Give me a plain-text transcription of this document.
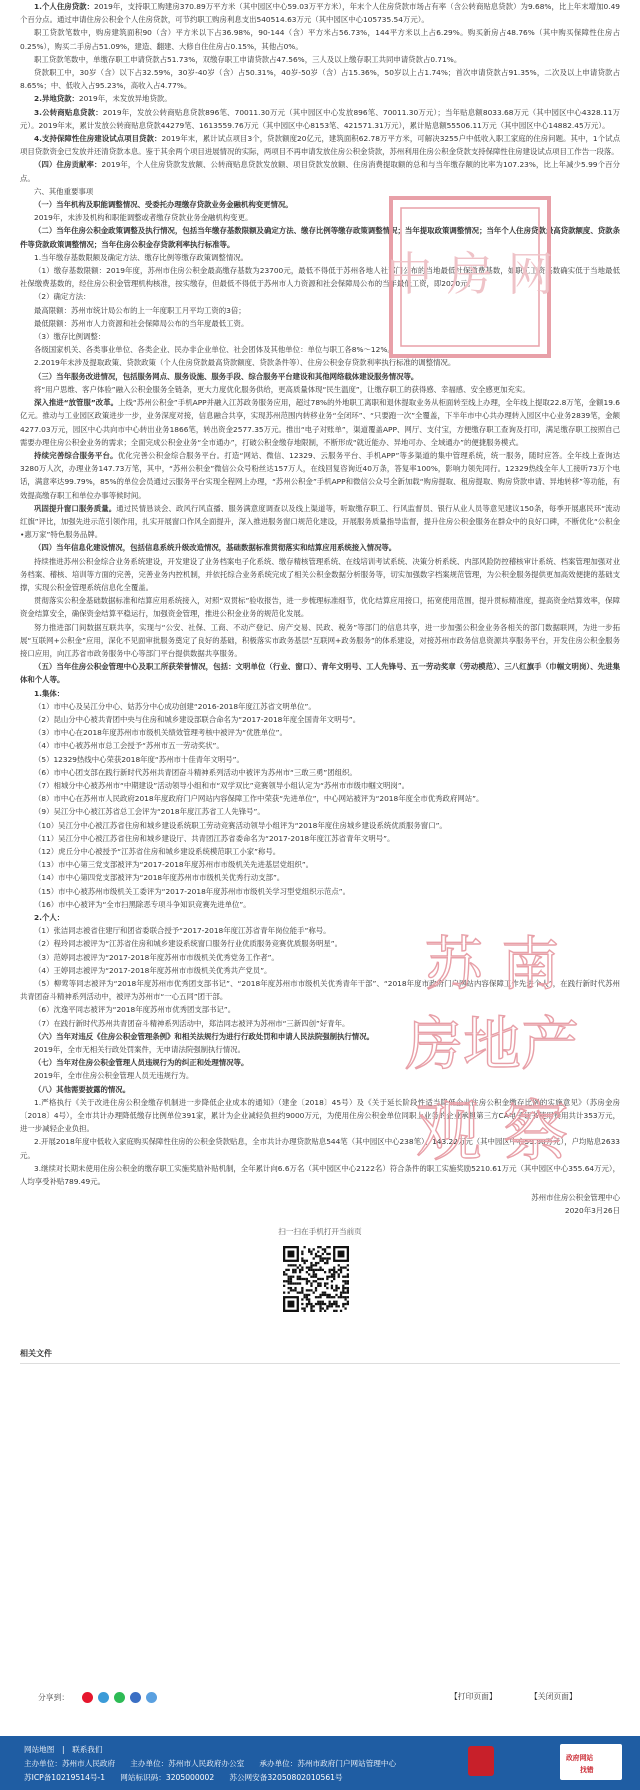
1.个人住房贷款：2019年，支持职工购建房370.89万平方米（其中园区中心59.03万平方米），年末个人住房贷款市场占有率（含公转商贴息贷款）为9.68%，比上年末增加0.49个百分点。通过申请住房公积金个人住房贷款，可节约职工购房利息支出540514.63万元（其中园区中心105735.54万元）。

职工贷款笔数中，购房建筑面积90（含）平方米以下占36.98%，90-144（含）平方米占56.73%，144平方米以上占6.29%。购买新房占48.76%（其中购买保障性住房占0.25%），购买二手房占51.09%，建造、翻建、大修自住住房占0.15%，其他占0%。

职工贷款笔数中，单缴存职工申请贷款占51.73%，双缴存职工申请贷款占47.56%，三人及以上缴存职工共同申请贷款占0.71%。

贷款职工中，30岁（含）以下占32.59%，30岁-40岁（含）占50.31%，40岁-50岁（含）占15.36%，50岁以上占1.74%；首次申请贷款占91.35%，二次及以上申请贷款占8.65%；中、低收入占95.23%，高收入占4.77%。

2.异地贷款：2019年，未发放异地贷款。

3.公转商贴息贷款：2019年，发放公转商贴息贷款896笔、70011.30万元（其中园区中心发放896笔、70011.30万元）；当年贴息额8033.68万元（其中园区中心4328.11万元）。2019年末，累计发放公转商贴息贷款44279笔、1613559.76万元（其中园区中心8153笔、421571.31万元），累计贴息额55506.11万元（其中园区中心14882.45万元）。

4.支持保障性住房建设试点项目贷款：2019年末，累计试点项目3个，贷款额度20亿元，建筑面积62.78万平方米，可解决3255户中低收入职工家庭的住房问题。其中，1个试点项目贷款资金已发放并还清贷款本息。鉴于其余两个项目进展情况的实际，两项目不再申请发放住房公积金贷款，苏州利用住房公积金贷款支持保障性住房建设试点项目工作告一段落。

（四）住房贡献率：2019年，个人住房贷款发放额、公转商贴息贷款发放额、项目贷款发放额、住房消费提取额的总和与当年缴存额的比率为107.23%，比上年减少5.99个百分点。

六、其他重要事项

（一）当年机构及职能调整情况、受委托办理缴存贷款业务金融机构变更情况。

2019年，未涉及机构和职能调整或者缴存贷款业务金融机构变更。

（二）当年住房公积金政策调整及执行情况，包括当年缴存基数限额及确定方法、缴存比例等缴存政策调整情况；当年提取政策调整情况；当年个人住房贷款最高贷款额度、贷款条件等贷款政策调整情况；当年住房公积金存贷款利率执行标准等。

1.当年缴存基数限额及确定方法、缴存比例等缴存政策调整情况。

（1）缴存基数限额：2019年度，苏州市住房公积金最高缴存基数为23700元，最低不得低于苏州各地人社部门公布的当地最低社保缴费基数，如职工工资基数确实低于当地最低社保缴费基数的，经住房公积金管理机构核准，按实缴存，但最低不得低于苏州市人力资源和社会保障局公布的当年最低工资，即2020元。

（2）确定方法：

最高限额：苏州市统计局公布的上一年度职工月平均工资的3倍；

最低限额：苏州市人力资源和社会保障局公布的当年度最低工资。

（3）缴存比例调整：

各级国家机关、各类事业单位、各类企业、民办非企业单位、社会团体及其他单位：单位与职工各8%～12%。

2.2019年未涉及提取政策、贷款政策（个人住房贷款最高贷款额度、贷款条件等）、住房公积金存贷款利率执行标准的调整情况。

（三）当年服务改进情况，包括服务网点、服务设施、服务手段、综合服务平台建设和其他网络载体建设服务情况等。

将“用户思维、客户体验”融入公积金服务全链条，更大力度优化服务供给，更高质量体现“民生温度”，让缴存职工的获得感、幸福感、安全感更加充实。

深入推进“放管服”改革。上线“苏州公积金”手机APP并融入江苏政务服务应用，超过78%的外地职工离职和退休提取业务从柜面转至线上办理，全年线上提取22.8万笔，金额19.6亿元。推动与工业园区政策进步一步，业务深度对接，信息融合共享，实现苏州范围内转移业务“全闭环”、“只要跑一次”全覆盖，下半年市中心共办理转入园区中心业务2839笔，金额4277.03万元，园区中心共向市中心转出业务1866笔，转出资金2577.35万元。推出“电子对账单”，渠道覆盖APP、网厅、支付宝，方便缴存职工查询及打印，满足缴存职工按照自己需要办理住房公积金业务的需求；全面完成公积金业务“全市通办”，打破公积金缴存地限制，不断形成“就近能办、异地可办、全域通办”的便捷服务模式。

持续完善综合服务平台。优化完善公积金综合服务平台。打造“网站、微信、12329、云服务平台、手机APP”等多渠道的集中管理系统，统一服务，随时应答。全年线上查询达3280万人次，办理业务147.73万笔，其中，“苏州公积金”微信公众号粉丝达157万人，在线回复咨询近40万条，答复率100%，影响力领先同行。12329热线全年人工接听73万个电话，满意率达99.79%，85%的单位会员通过云服务平台实现全程网上办理，“苏州公积金”手机APP和微信公众号全新加载“购房提取、租房提取、购房贷款申请、异地转移”等功能，有效提高缴存职工和单位办事等候时间。

巩固提升窗口服务质量。通过民情恳谈会、政风行风直播、服务满意度调查以及线上渠道等，听取缴存职工、行风监督员、银行从业人员等意见建议150条，每季开展惠民环“流动红旗”评比，加强先进示范引领作用，扎实开展窗口作风全面提升，深入推进服务窗口规范化建设，开展服务质量指导监督，提升住房公积金服务在群众中的良好口碑，不断优化“公积金•惠万家”特色服务品牌。

（四）当年信息化建设情况，包括信息系统升级改造情况，基础数据标准贯彻落实和结算应用系统接入情况等。

持续推进苏州公积金综合业务系统建设，开发建设了业务档案电子化系统、缴存精核管理系统、在线培训考试系统、决策分析系统、内部风险防控稽核审计系统、档案管理加强对业务档案、稽核、培训等方面的完善，完善业务内控机制，并依托综合业务系统完成了相关公积金数据分析服务等，切实加强数字档案规范管理，为公积金服务提供更加高效便捷的基础支撑，实现公积金管理系统信息化全覆盖。

贯彻落实公积金基础数据标准和结算应用系统接入，对照“双贯标”验收报告，进一步梳理标准细节，优化结算应用接口，拓宽使用范围，提升贯标精准度，提高资金结算效率，保障资金结算安全，确保资金结算平稳运行，加强资金管理，推进公积金业务的规范化发展。

努力推进部门间数据互联共享，实现与“公安、社保、工商、不动产登记、房产交易、民政、税务”等部门的信息共享，进一步加强公积金业务各相关的部门数据联网，为进一步拓展“互联网+公积金”应用，深化不见面审批服务奠定了良好的基础，积极落实市政务基层“互联网+政务服务”的体系建设，对接苏州市政务信息资源共享服务平台，开发住房公积金服务接口应用，向江苏省市政务服务中心等部门平台提供数据共享服务。

（五）当年住房公积金管理中心及职工所获荣誉情况，包括：文明单位（行业、窗口）、青年文明号、工人先锋号、五一劳动奖章（劳动模范）、三八红旗手（巾帼文明岗）、先进集体和个人等。

1.集体：

（1）市中心及吴江分中心、姑苏分中心成功创建“2016-2018年度江苏省文明单位”。

（2）昆山分中心被共青团中央与住房和城乡建设部联合命名为“2017-2018年度全国青年文明号”。

（3）市中心在2018年度苏州市市级机关绩效管理考核中被评为“优胜单位”。

（4）市中心被苏州市总工会授予“苏州市五一劳动奖状”。

（5）12329热线中心荣获2018年度“苏州市十佳青年文明号”。

（6）市中心团支部在践行新时代苏州共青团奋斗精神系列活动中被评为苏州市“三敢三勇”团组织。

（7）相城分中心被苏州市“中期建设”活动领导小组和市“双学双比”竞赛领导小组认定为“苏州市市级巾帼文明岗”。

（8）市中心在苏州市人民政府2018年度政府门户网站内容保障工作中荣获“先进单位”，中心网站被评为“2018年度全市优秀政府网站”。

（9）吴江分中心被江苏省总工会评为“2018年度江苏省工人先锋号”。

（10）吴江分中心被江苏省住房和城乡建设系统职工劳动竞赛活动领导小组评为“2018年度住房城乡建设系统优质服务窗口”。

（11）吴江分中心被江苏省住房和城乡建设厅、共青团江苏省委命名为“2017-2018年度江苏省青年文明号”。

（12）虎丘分中心被授予“江苏省住房和城乡建设系统模范职工小家”称号。

（13）市中心第三党支部被评为“2017-2018年度苏州市市级机关先进基层党组织”。

（14）市中心第四党支部被评为“2018年度苏州市市级机关优秀行动支部”。

（15）市中心被苏州市级机关工委评为“2017-2018年度苏州市市级机关学习型党组织示范点”。

（16）市中心被评为“全市扫黑除恶专项斗争知识竞赛先进单位”。

2.个人：

（1）张洁同志被省住建厅和团省委联合授予“2017-2018年度江苏省青年岗位能手”称号。

（2）程玲同志被评为“江苏省住房和城乡建设系统窗口服务行业优质服务竞赛优质服务明星”。

（3）范婷同志被评为“2017-2018年度苏州市市级机关优秀党务工作者”。

（4）王婷同志被评为“2017-2018年度苏州市市级机关优秀共产党员”。

（5）柳莺等同志被评为“2018年度苏州市优秀团支部书记”、“2018年度苏州市市级机关优秀青年干部”、“2018年度市政府门户网站内容保障工作先进个人”，在践行新时代苏州共青团奋斗精神系列活动中，被评为苏州市“一心五同”团干部。

（6）沈逸平同志被评为“2018年度苏州市优秀团支部书记”。

（7）在践行新时代苏州共青团奋斗精神系列活动中，郑洁同志被评为苏州市“三新四创”好青年。

（六）当年对违反《住房公积金管理条例》和相关法规行为进行行政处罚和申请人民法院强制执行情况。

2019年，全市无相关行政处罚案件，无申请法院强制执行情况。

（七）当年对住房公积金管理人员违规行为的纠正和处理情况等。

2019年，全市住房公积金管理人员无违规行为。

（八）其他需要披露的情况。

1.严格执行《关于改进住房公积金缴存机制进一步降低企业成本的通知》（建金〔2018〕45号）及《关于延长阶段性适当降低企业住房公积金缴存比例的实施意见》（苏房金房〔2018〕4号），全市共计办理降低缴存比例单位391家，累计为企业减轻负担约9000万元，为使用住房公积金单位同职上业务的企业承担第三方CA电子证书使用费用共计353万元，进一步减轻企业负担。

2.开展2018年度中低收入家庭购买保障性住房的公积金贷款贴息，全市共计办理贷款贴息544笔（其中园区中心238笔）、143.22万元（其中园区中心59.80万元），户均贴息2633元。

3.继续对长期未使用住房公积金的缴存职工实施奖励补贴机制，全年累计向6.6万名（其中园区中心2122名）符合条件的职工实施奖励5210.61万元（其中园区中心355.64万元），人均享受补贴789.49元。

苏州市住房公积金管理中心

2020年3月26日

扫一扫在手机打开当前页
相关文件
中 房 网
苏 南
房地产
观 察
分享到：	【打印页面】	【关闭页面】
网站地图　|　联系我们
主办单位：苏州市人民政府　　主办单位：苏州市人民政府办公室　　承办单位：苏州市政府门户网站管理中心
苏ICP备10219514号-1　　网站标识码：3205000002　　苏公网安备32050802010561号
政府网站
找错
